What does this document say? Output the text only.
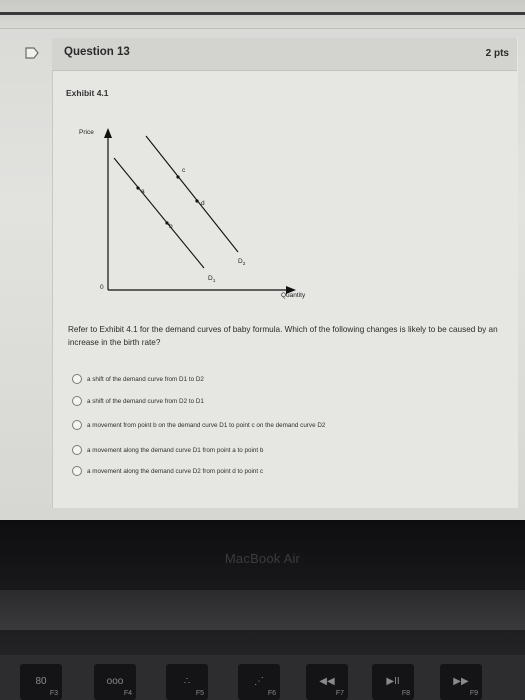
Question 13	2 pts
Exhibit 4.1
Price
Quantity
0
a
b
c
d
$D_1$
$D_2$
Refer to Exhibit 4.1 for the demand curves of baby formula. Which of the following changes is likely to be caused by an increase in the birth rate?
a shift of the demand curve from D1 to D2
a shift of the demand curve from D2 to D1
a movement from point b on the demand curve D1 to point c on the demand curve D2
a movement along the demand curve D1 from point a to point b
a movement along the demand curve D2 from point d to point c
MacBook Air
80
F3
ooo
F4
∴
F5
⋰
F6
◀◀
F7
▶II
F8
▶▶
F9
